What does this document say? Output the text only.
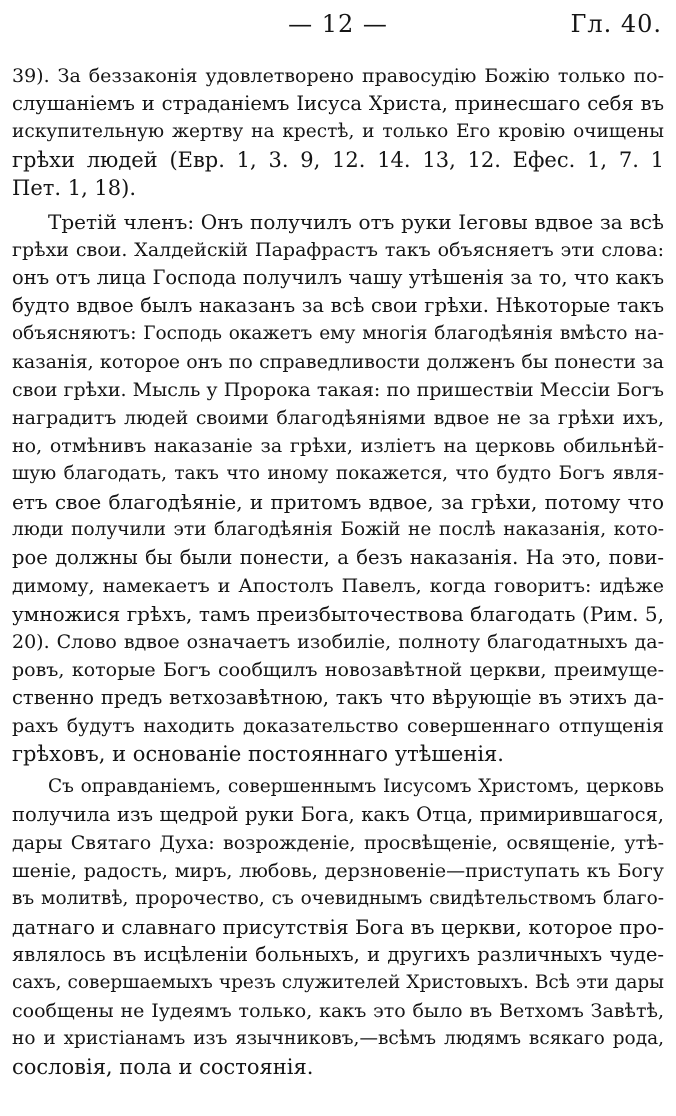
— 12 —	Гл. 40.
39). За беззаконія удовлетворено правосудію Божію только по-
слушаніемъ и страданіемъ Іисуса Христа, принесшаго себя въ
искупительную жертву на крестѣ, и только Его кровію очищены
грѣхи людей (Евр. 1, 3. 9, 12. 14. 13, 12. Ефес. 1, 7. 1
Пет. 1, 18).
Третій членъ: Онъ получилъ отъ руки Іеговы вдвое за всѣ
грѣхи свои. Халдейскій Парафрастъ такъ объясняетъ эти слова:
онъ отъ лица Господа получилъ чашу утѣшенія за то, что какъ
будто вдвое былъ наказанъ за всѣ свои грѣхи. Нѣкоторые такъ
объясняютъ: Господь окажетъ ему многія благодѣянія вмѣсто на-
казанія, которое онъ по справедливости долженъ бы понести за
свои грѣхи. Мысль у Пророка такая: по пришествіи Мессіи Богъ
наградитъ людей своими благодѣяніями вдвое не за грѣхи ихъ,
но, отмѣнивъ наказаніе за грѣхи, изліетъ на церковь обильнѣй-
шую благодать, такъ что иному покажется, что будто Богъ явля-
етъ свое благодѣяніе, и притомъ вдвое, за грѣхи, потому что
люди получили эти благодѣянія Божій не послѣ наказанія, кото-
рое должны бы были понести, а безъ наказанія. На это, пови-
димому, намекаетъ и Апостолъ Павелъ, когда говоритъ: идѣже
умножися грѣхъ, тамъ преизбыточествова благодать (Рим. 5,
20). Слово вдвое означаетъ изобиліе, полноту благодатныхъ да-
ровъ, которые Богъ сообщилъ новозавѣтной церкви, преимуще-
ственно предъ ветхозавѣтною, такъ что вѣрующіе въ этихъ да-
рахъ будутъ находить доказательство совершеннаго отпущенія
грѣховъ, и основаніе постояннаго утѣшенія.
Съ оправданіемъ, совершеннымъ Іисусомъ Христомъ, церковь
получила изъ щедрой руки Бога, какъ Отца, примирившагося,
дары Святаго Духа: возрожденіе, просвѣщеніе, освященіе, утѣ-
шеніе, радость, миръ, любовь, дерзновеніе—приступать къ Богу
въ молитвѣ, пророчество, съ очевиднымъ свидѣтельствомъ благо-
датнаго и славнаго присутствія Бога въ церкви, которое про-
являлось въ исцѣленіи больныхъ, и другихъ различныхъ чуде-
сахъ, совершаемыхъ чрезъ служителей Христовыхъ. Всѣ эти дары
сообщены не Іудеямъ только, какъ это было въ Ветхомъ Завѣтѣ,
но и христіанамъ изъ язычниковъ,—всѣмъ людямъ всякаго рода,
сословія, пола и состоянія.
